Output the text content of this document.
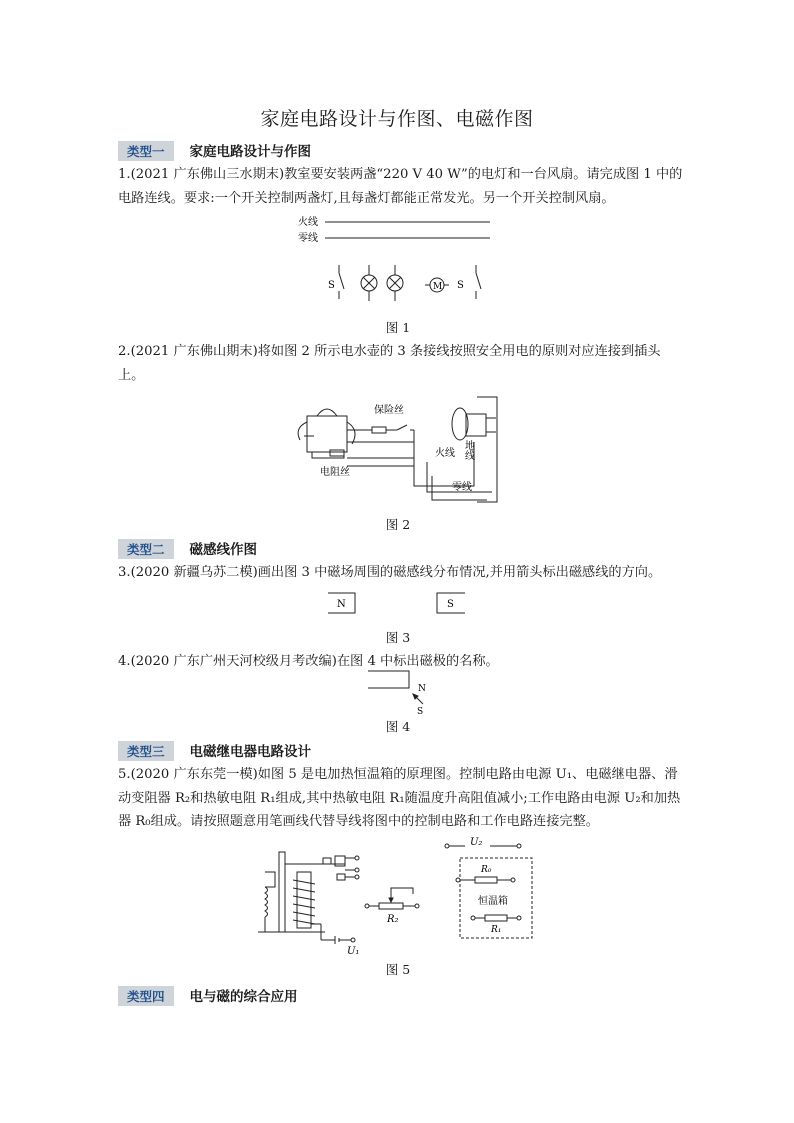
家庭电路设计与作图、电磁作图
类型一 家庭电路设计与作图
1.(2021 广东佛山三水期末)教室要安装两盏“220 V 40 W”的电灯和一台风扇。请完成图 1 中的电路连线。要求:一个开关控制两盏灯,且每盏灯都能正常发光。另一个开关控制风扇。
火线
零线
S	M S
图 1
2.(2021 广东佛山期末)将如图 2 所示电水壶的 3 条接线按照安全用电的原则对应连接到插头上。
保险丝
电阻丝
火线 地线
零线
图 2
类型二 磁感线作图
3.(2020 新疆乌苏二模)画出图 3 中磁场周围的磁感线分布情况,并用箭头标出磁感线的方向。
N	S
图 3
4.(2020 广东广州天河校级月考改编)在图 4 中标出磁极的名称。
N
S
图 4
类型三 电磁继电器电路设计
5.(2020 广东东莞一模)如图 5 是电加热恒温箱的原理图。控制电路由电源 U₁、电磁继电器、滑动变阻器 R₂和热敏电阻 R₁组成,其中热敏电阻 R₁随温度升高阻值减小;工作电路由电源 U₂和加热器 R₀组成。请按照题意用笔画线代替导线将图中的控制电路和工作电路连接完整。
U₁
R₂
U₂
R₀
恒温箱
R₁
图 5
类型四 电与磁的综合应用
